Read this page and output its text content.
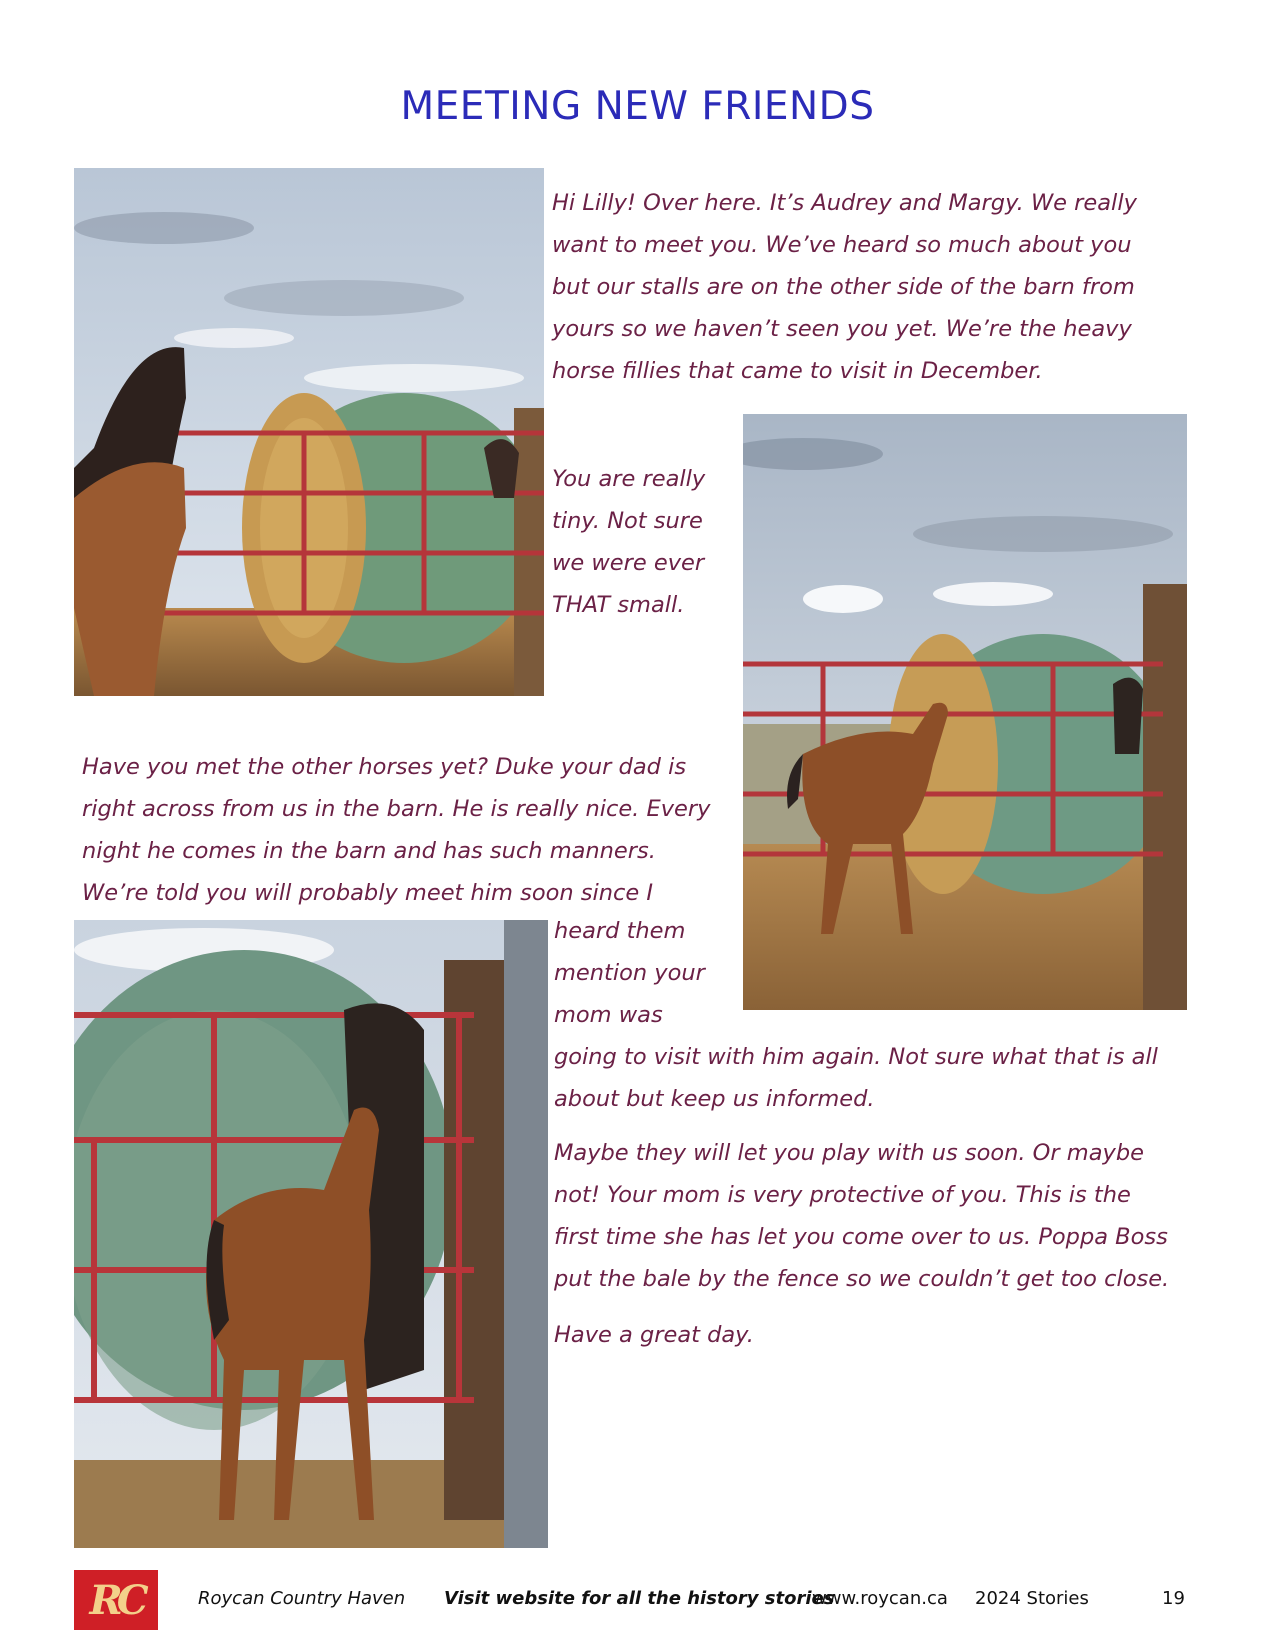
MEETING NEW FRIENDS
Hi Lilly! Over here. It’s Audrey and Margy. We really
want to meet you. We’ve heard so much about you
but our stalls are on the other side of the barn from
yours so we haven’t seen you yet. We’re the heavy
horse fillies that came to visit in December.
You are really
tiny. Not sure
we were ever
THAT small.
Have you met the other horses yet? Duke your dad is
right across from us in the barn. He is really nice. Every
night he comes in the barn and has such manners.
We’re told you will probably meet him soon since I
heard them
mention your
mom was
going to visit with him again. Not sure what that is all
about but keep us informed.
Maybe they will let you play with us soon. Or maybe
not! Your mom is very protective of you. This is the
first time she has let you come over to us. Poppa Boss
put the bale by the fence so we couldn’t get too close.
Have a great day.
RC	Roycan Country Haven Visit website for all the history stories
www.roycan.ca 2024 Stories	19
